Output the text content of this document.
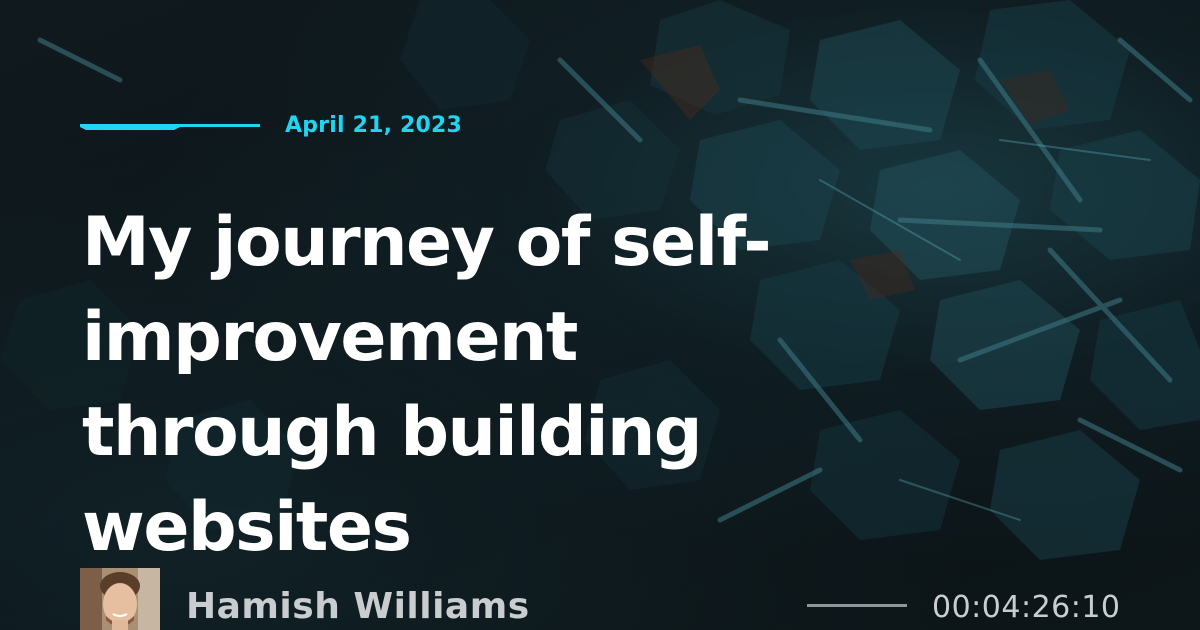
April 21, 2023
My journey of self-improvement through building websites
Hamish Williams	00:04:26:10
